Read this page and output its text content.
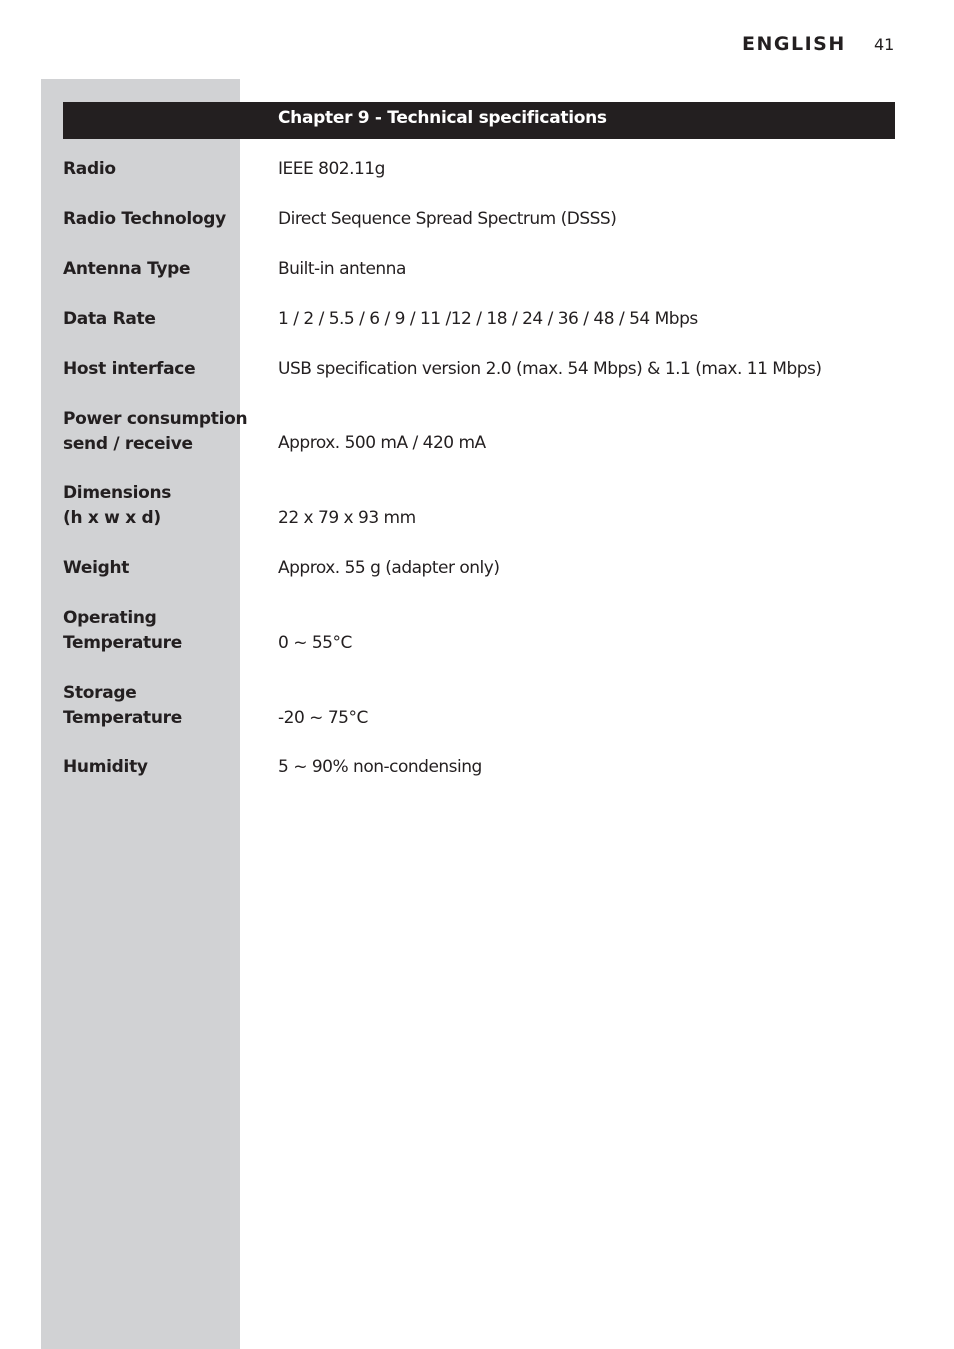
ENGLISH 41
Chapter 9 - Technical specifications
Radio	IEEE 802.11g
Radio Technology	Direct Sequence Spread Spectrum (DSSS)
Antenna Type	Built-in antenna
Data Rate	1 / 2 / 5.5 / 6 / 9 / 11 /12 / 18 / 24 / 36 / 48 / 54 Mbps
Host interface	USB specification version 2.0 (max. 54 Mbps) & 1.1 (max. 11 Mbps)
Power consumption
send / receive	Approx. 500 mA / 420 mA
Dimensions
(h x w x d)	22 x 79 x 93 mm
Weight	Approx. 55 g (adapter only)
Operating
Temperature	0 ~ 55°C
Storage
Temperature	-20 ~ 75°C
Humidity	5 ~ 90% non-condensing
